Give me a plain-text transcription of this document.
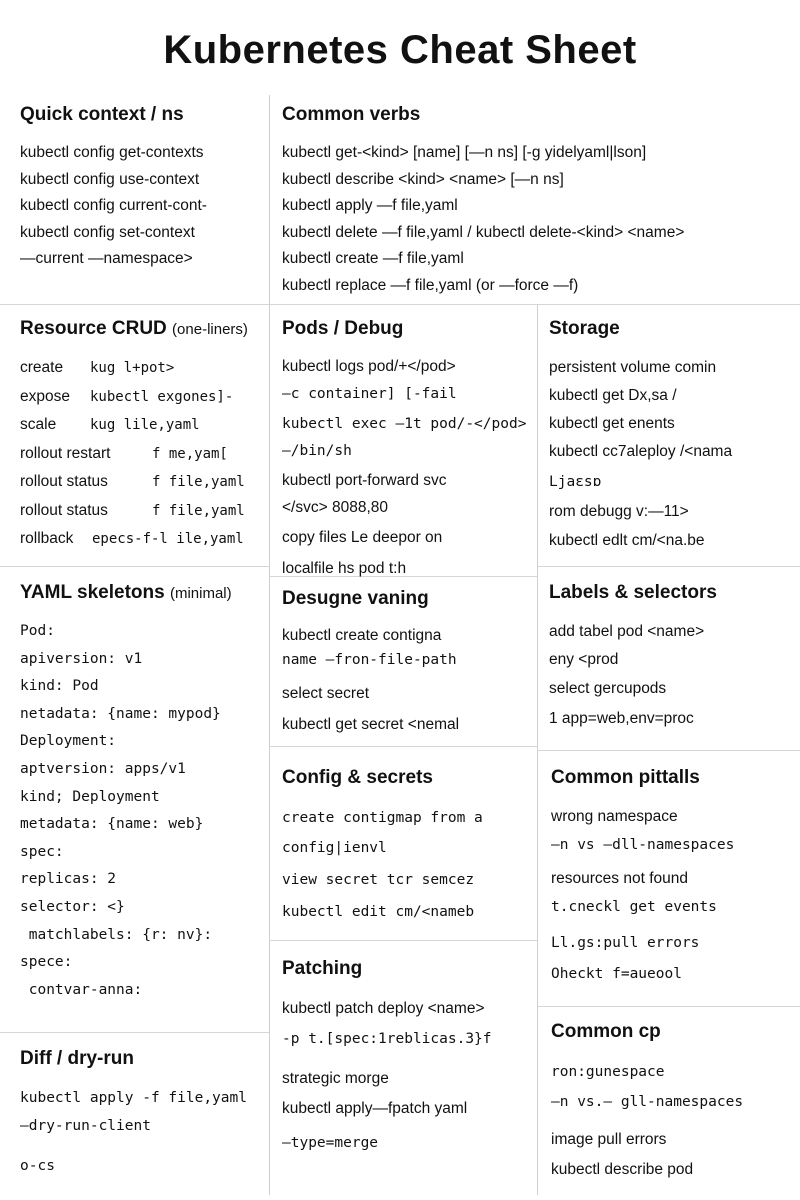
Kubernetes Cheat Sheet
Quick context / ns
kubectl config get-contexts
kubectl config use-context
kubectl config current-cont-
kubectl config set-context
—current —namespace>
Common verbs
kubectl get-<kind> [name] [—n ns] [-g yidelyaml|lson]
kubectl describe <kind> <name> [—n ns]
kubectl apply —f file,yaml
kubectl delete —f file,yaml / kubectl delete-<kind> <name>
kubectl create —f file,yaml
kubectl replace —f file,yaml (or —force —f)
Resource CRUD (one-liners)
create	kug l+pot>
expose	kubectl exgones]-
scale	kug lile,yaml
rollout restart	f me,yam[
rollout status	f file,yaml
rollout status	f file,yaml
rollback	epecs-f-l ile,yaml
Pods / Debug
kubectl logs pod/+</pod>
—c container] [-fail
kubectl exec —1t pod/-</pod>
—/bin/sh
kubectl port-forward svc
</svc> 8088,80
copy files Le deepor on
localfile hs pod t:h
Storage
persistent volume comin
kubectl get Dx,sa /
kubectl get enents
kubectl cc7aleploy /<nama
Ljaεsɒ
rom debugg v:—11>
kubectl edlt cm/<na.be
YAML skeletons (minimal)
Pod:
apiversion: v1
kind: Pod
netadata: {name: mypod}
Deployment:
aptversion: apps/v1
kind; Deployment
metadata: {name: web}
spec:
replicas: 2
selector: <}
matchlabels: {r: nv}:
spece:
contvar-anna:
Desugne vaning
kubectl create contigna
name —fron-file-path
select secret
kubectl get secret <nemal
Labels & selectors
add tabel pod <name>
eny <prod
select gercupods
1 app=web,env=proc
Config & secrets
create contigmap from a
config|ienvl
view secret tcr semcez
kubectl edit cm/<nameb
Common pittalls
wrong namespace
—n vs —dll-namespaces
resources not found
t.cneckl get events
Ll.gs:pull errors
Oheckt f=aueool
Patching
kubectl patch deploy <name>
-p t.[spec:1reblicas.3}f
strategic morge
kubectl apply—fpatch yaml
—type=merge
Common cp
ron:gunespace
—n vs.— gll-namespaces
image pull errors
kubectl describe pod
Diff / dry-run
kubectl apply -f file,yaml
—dry-run-client
o-cs
